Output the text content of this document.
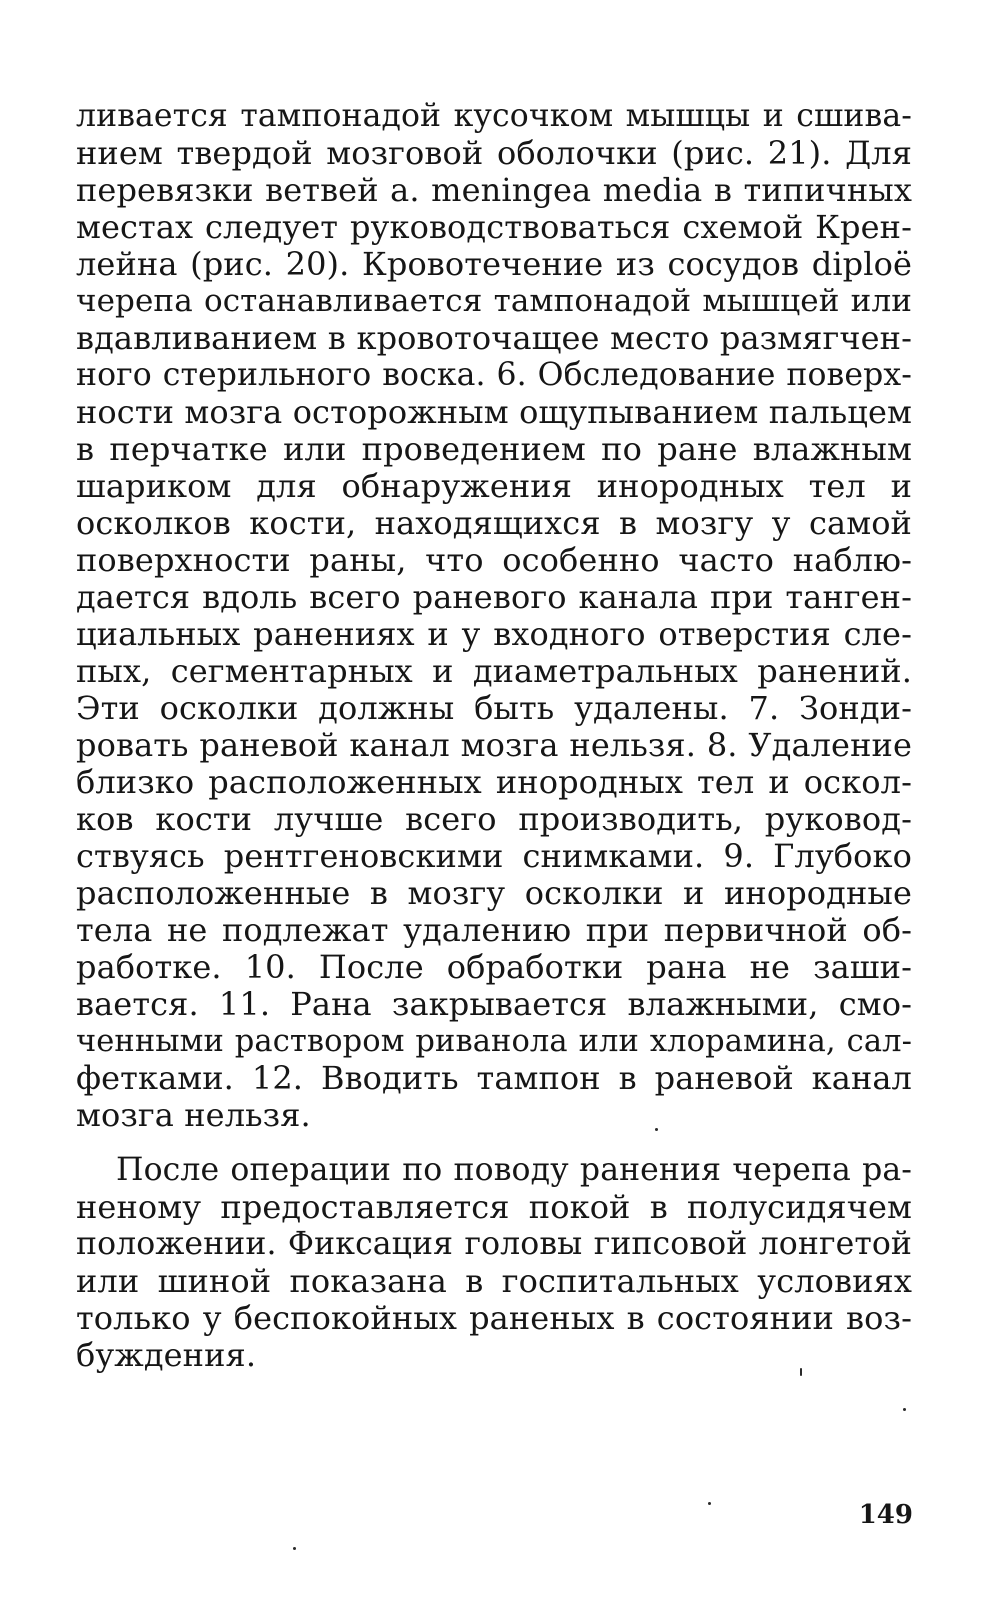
ливается тампонадой кусочком мышцы и сшива-
нием твердой мозговой оболочки (рис. 21). Для
перевязки ветвей a. meningea media в типичных
местах следует руководствоваться схемой Крен-
лейна (рис. 20). Кровотечение из сосудов diploë
черепа останавливается тампонадой мышцей или
вдавливанием в кровоточащее место размягчен-
ного стерильного воска. 6. Обследование поверх-
ности мозга осторожным ощупыванием пальцем
в перчатке или проведением по ране влажным
шариком для обнаружения инородных тел и
осколков кости, находящихся в мозгу у самой
поверхности раны, что особенно часто наблю-
дается вдоль всего раневого канала при танген-
циальных ранениях и у входного отверстия сле-
пых, сегментарных и диаметральных ранений.
Эти осколки должны быть удалены. 7. Зонди-
ровать раневой канал мозга нельзя. 8. Удаление
близко расположенных инородных тел и оскол-
ков кости лучше всего производить, руковод-
ствуясь рентгеновскими снимками. 9. Глубоко
расположенные в мозгу осколки и инородные
тела не подлежат удалению при первичной об-
работке. 10. После обработки рана не заши-
вается. 11. Рана закрывается влажными, смо-
ченными раствором риванола или хлорамина, сал-
фетками. 12. Вводить тампон в раневой канал
мозга нельзя.
После операции по поводу ранения черепа ра-
неному предоставляется покой в полусидячем
положении. Фиксация головы гипсовой лонгетой
или шиной показана в госпитальных условиях
только у беспокойных раненых в состоянии воз-
буждения.
149
